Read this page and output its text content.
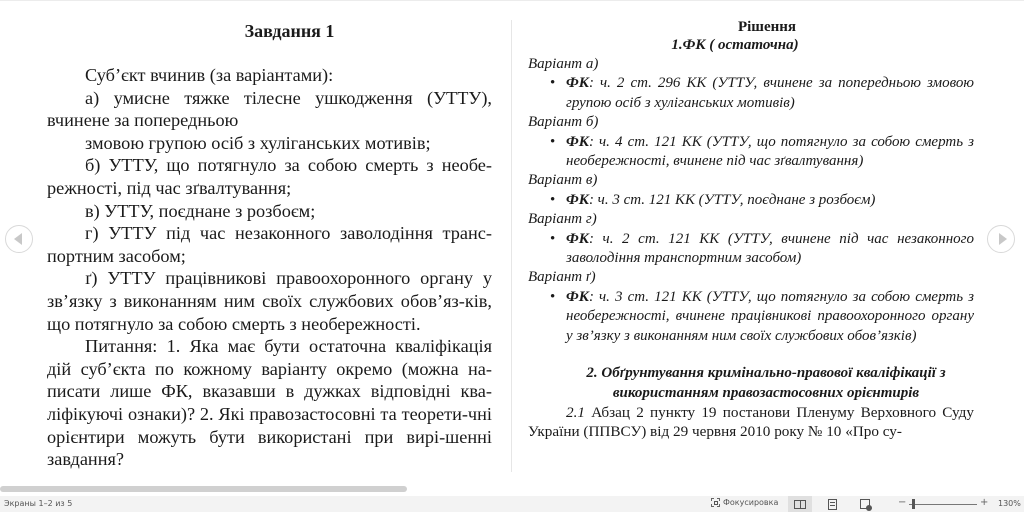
Завдання 1
Суб’єкт вчинив (за варіантами):
а) умисне тяжке тілесне ушкодження (УТТУ), вчинене за попередньою
змовою групою осіб з хуліганських мотивів;
б) УТТУ, що потягнуло за собою смерть з необе-режності, під час зґвалтування;
в) УТТУ, поєднане з розбоєм;
г) УТТУ під час незаконного заволодіння транс-портним засобом;
ґ) УТТУ працівникові правоохоронного органу у зв’язку з виконанням ним своїх службових обов’яз-ків, що потягнуло за собою смерть з необережності.
Питання: 1. Яка має бути остаточна кваліфікація дій суб’єкта по кожному варіанту окремо (можна на-писати лише ФК, вказавши в дужках відповідні ква-ліфікуючі ознаки)? 2. Які правозастосовні та теорети-чні орієнтири можуть бути використані при вирі-шенні завдання?
Рішення
1.ФК ( остаточна)
Варіант а)
• ФК: ч. 2 ст. 296 КК (УТТУ, вчинене за попередньою змовою групою осіб з хуліганських мотивів)
Варіант б)
• ФК: ч. 4 ст. 121 КК (УТТУ, що потягнуло за собою смерть з необережності, вчинене під час зґвалтування)
Варіант в)
• ФК: ч. 3 ст. 121 КК (УТТУ, поєднане з розбоєм)
Варіант г)
• ФК: ч. 2 ст. 121 КК (УТТУ, вчинене під час незаконного заволодіння транспортним засобом)
Варіант ґ)
• ФК: ч. 3 ст. 121 КК (УТТУ, що потягнуло за собою смерть з необережності, вчинене працівникові правоохоронного органу у зв’язку з виконанням ним своїх службових обов’язків)
2. Обґрунтування кримінально-правової кваліфікації з використанням правозастосовних орієнтирів
2.1 Абзац 2 пункту 19 постанови Пленуму Верховного Суду України (ППВСУ) від 29 червня 2010 року № 10 «Про су-
Экраны 1–2 из 5	Фокусировка	−	+ 130%
